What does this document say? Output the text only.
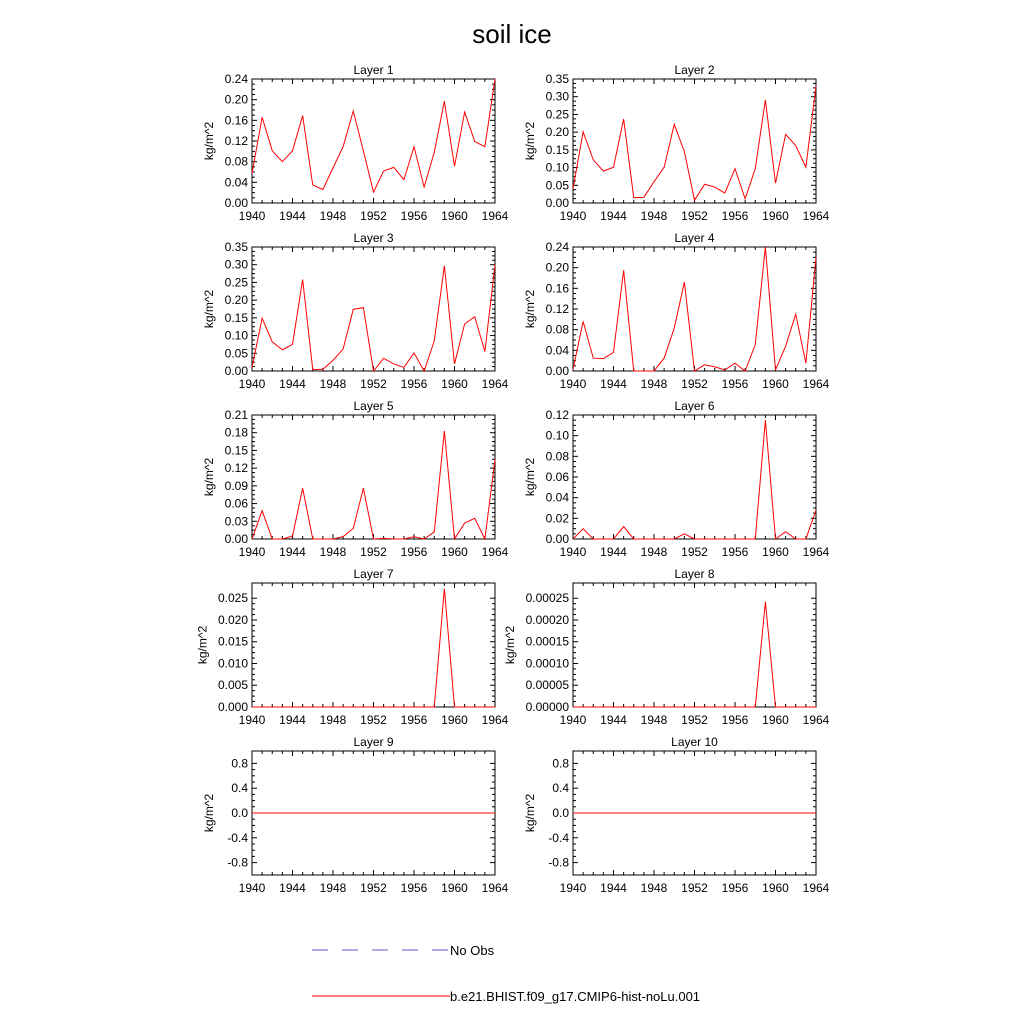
soil ice
Layer 1
1940 1944 1948 1952 1956 1960 1964
0.00
0.04
0.08
0.12
0.16
0.20
0.24
kg/m^2
Layer 2
1940 1944 1948 1952 1956 1960 1964
0.00
0.05
0.10
0.15
0.20
0.25
0.30
0.35
kg/m^2
Layer 3
1940 1944 1948 1952 1956 1960 1964
0.00
0.05
0.10
0.15
0.20
0.25
0.30
0.35
kg/m^2
Layer 4
1940 1944 1948 1952 1956 1960 1964
0.00
0.04
0.08
0.12
0.16
0.20
0.24
kg/m^2
Layer 5
1940 1944 1948 1952 1956 1960 1964
0.00
0.03
0.06
0.09
0.12
0.15
0.18
0.21
kg/m^2
Layer 6
1940 1944 1948 1952 1956 1960 1964
0.00
0.02
0.04
0.06
0.08
0.10
0.12
kg/m^2
Layer 7
1940 1944 1948 1952 1956 1960 1964
0.000
0.005
0.010
0.015
0.020
0.025
kg/m^2
Layer 8
1940 1944 1948 1952 1956 1960 1964
0.00000
0.00005
0.00010
0.00015
0.00020
0.00025
kg/m^2
Layer 9
1940 1944 1948 1952 1956 1960 1964
-0.8
-0.4
0.0
0.4
0.8
kg/m^2
Layer 10
1940 1944 1948 1952 1956 1960 1964
-0.8
-0.4
0.0
0.4
0.8
kg/m^2
No Obs
b.e21.BHIST.f09_g17.CMIP6-hist-noLu.001
